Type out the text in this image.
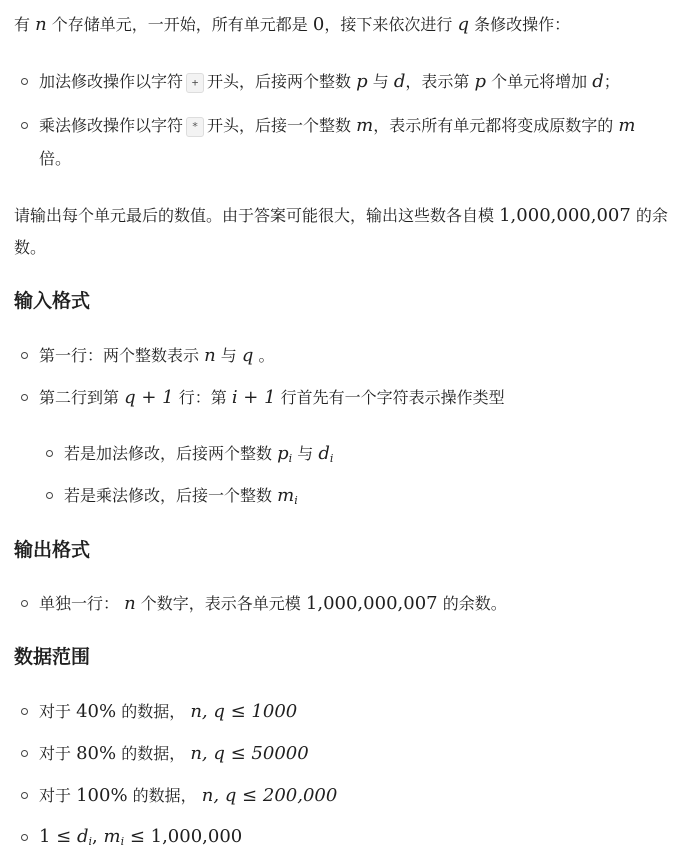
有 n 个存储单元，一开始，所有单元都是 0，接下来依次进行 q 条修改操作：
加法修改操作以字符 + 开头，后接两个整数 p 与 d，表示第 p 个单元将增加 d；
乘法修改操作以字符 * 开头，后接一个整数 m，表示所有单元都将变成原数字的 m
倍。
请输出每个单元最后的数值。由于答案可能很大，输出这些数各自模 1,000,000,007 的余
数。
输入格式
第一行：两个整数表示 n 与 q 。
第二行到第 q + 1 行：第 i + 1 行首先有一个字符表示操作类型
若是加法修改，后接两个整数 $p_i$ 与 $d_i$
若是乘法修改，后接一个整数 $m_i$
输出格式
单独一行： n 个数字，表示各单元模 1,000,000,007 的余数。
数据范围
对于 40% 的数据， n, q ≤ 1000
对于 80% 的数据， n, q ≤ 50000
对于 100% 的数据， n, q ≤ 200,000
$1 \le d_i$, $m_i \le 1,000,000$
